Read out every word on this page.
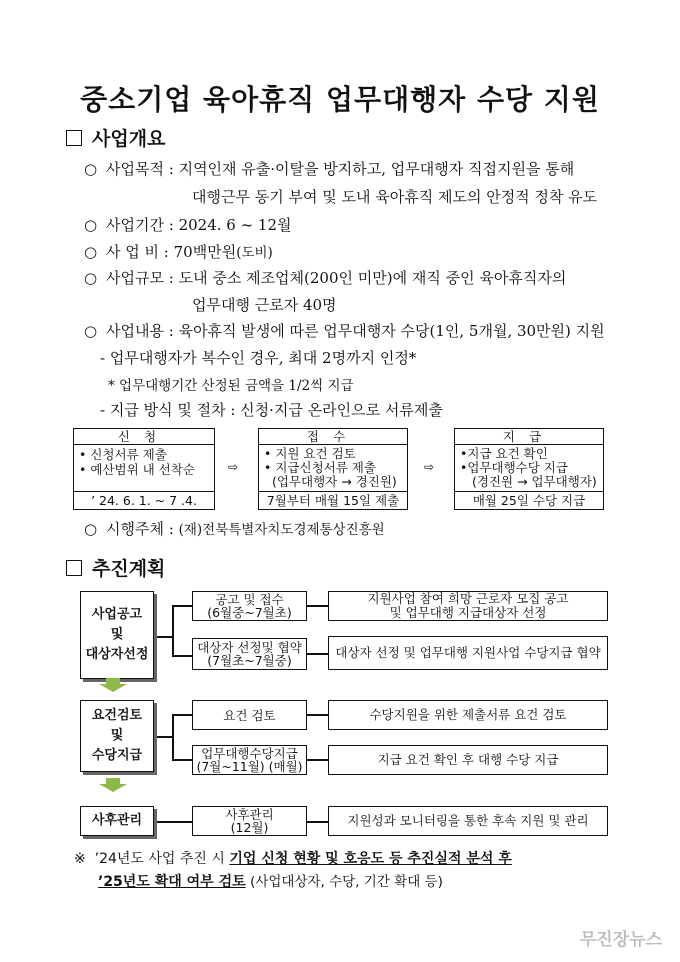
중소기업 육아휴직 업무대행자 수당 지원
사업개요
○ 사업목적 : 지역인재 유출·이탈을 방지하고, 업무대행자 직접지원을 통해
대행근무 동기 부여 및 도내 육아휴직 제도의 안정적 정착 유도
○ 사업기간 : 2024. 6 ~ 12월
○ 사 업 비 : 70백만원(도비)
○ 사업규모 : 도내 중소 제조업체(200인 미만)에 재직 중인 육아휴직자의
업무대행 근로자 40명
○ 사업내용 : 육아휴직 발생에 따른 업무대행자 수당(1인, 5개월, 30만원) 지원
- 업무대행자가 복수인 경우, 최대 2명까지 인정*
* 업무대행기간 산정된 금액을 1/2씩 지급
- 지급 방식 및 절차 : 신청·지급 온라인으로 서류제출
신청
• 신청서류 제출
• 예산범위 내 선착순
’ 24. 6. 1. ~ 7 .4.
⇨
접수
• 지원 요건 검토
• 지급신청서류 제출
(업무대행자 → 경진원)
7월부터 매월 15일 제출
⇨
지급
•지급 요건 확인
•업무대행수당 지급
(경진원 → 업무대행자)
매월 25일 수당 지급
○ 시행주체 : (재)전북특별자치도경제통상진흥원
추진계획
사업공고
및
대상자선정
공고 및 접수
(6월중~7월초)
지원사업 참여 희망 근로자 모집 공고
및 업무대행 지급대상자 선정
대상자 선정및 협약
(7월초~7월중)
대상자 선정 및 업무대행 지원사업 수당지급 협약
요건검토
및
수당지급
요건 검토	수당지원을 위한 제출서류 요건 검토
업무대행수당지급
(7월~11월) (매월)	지급 요건 확인 후 대행 수당 지급
사후관리	사후관리
(12월)	지원성과 모니터링을 통한 후속 지원 및 관리
※ ’24년도 사업 추진 시 기업 신청 현황 및 호응도 등 추진실적 분석 후
’25년도 확대 여부 검토 (사업대상자, 수당, 기간 확대 등)
무진장뉴스
